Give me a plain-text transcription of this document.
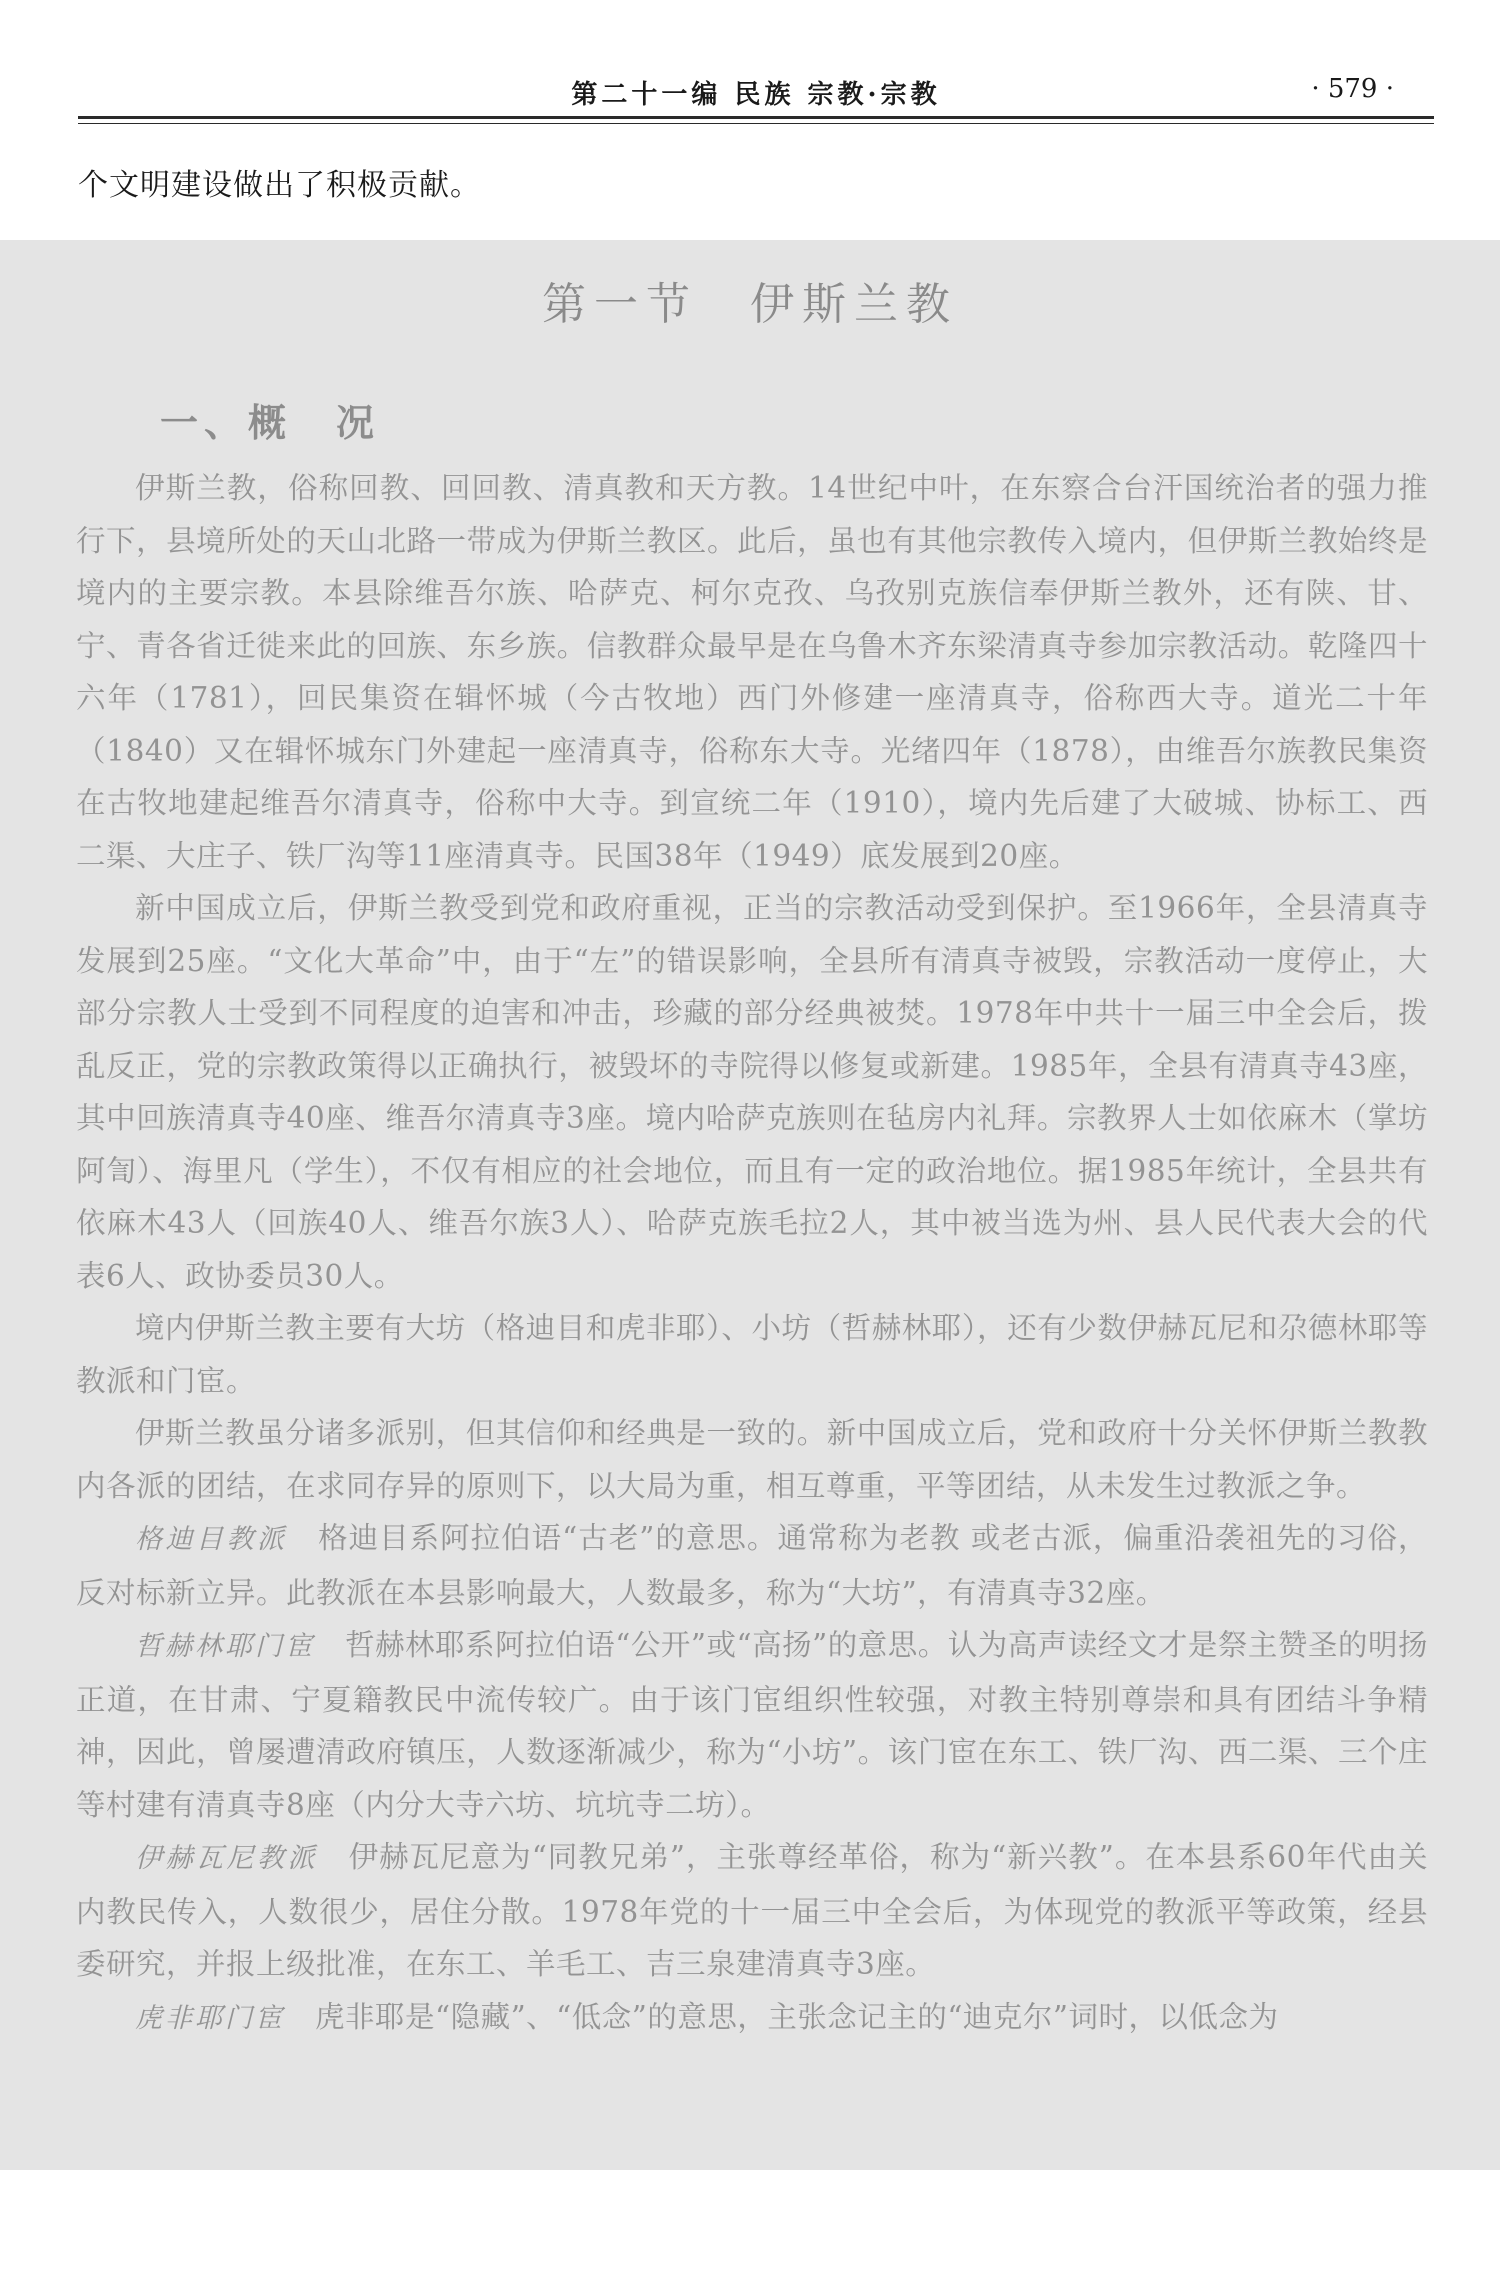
第二十一编 民族 宗教·宗教	· 579 ·
个文明建设做出了积极贡献。
第一节　伊斯兰教
一、概　况

伊斯兰教，俗称回教、回回教、清真教和天方教。14世纪中叶，在东察合台汗国统治者的强力推行下，县境所处的天山北路一带成为伊斯兰教区。此后，虽也有其他宗教传入境内，但伊斯兰教始终是境内的主要宗教。本县除维吾尔族、哈萨克、柯尔克孜、乌孜别克族信奉伊斯兰教外，还有陕、甘、宁、青各省迁徙来此的回族、东乡族。信教群众最早是在乌鲁木齐东梁清真寺参加宗教活动。乾隆四十六年（1781），回民集资在辑怀城（今古牧地）西门外修建一座清真寺，俗称西大寺。道光二十年（1840）又在辑怀城东门外建起一座清真寺，俗称东大寺。光绪四年（1878），由维吾尔族教民集资在古牧地建起维吾尔清真寺，俗称中大寺。到宣统二年（1910），境内先后建了大破城、协标工、西二渠、大庄子、铁厂沟等11座清真寺。民国38年（1949）底发展到20座。

新中国成立后，伊斯兰教受到党和政府重视，正当的宗教活动受到保护。至1966年，全县清真寺发展到25座。“文化大革命”中，由于“左”的错误影响，全县所有清真寺被毁，宗教活动一度停止，大部分宗教人士受到不同程度的迫害和冲击，珍藏的部分经典被焚。1978年中共十一届三中全会后，拨乱反正，党的宗教政策得以正确执行，被毁坏的寺院得以修复或新建。1985年，全县有清真寺43座，其中回族清真寺40座、维吾尔清真寺3座。境内哈萨克族则在毡房内礼拜。宗教界人士如依麻木（掌坊阿訇）、海里凡（学生），不仅有相应的社会地位，而且有一定的政治地位。据1985年统计，全县共有依麻木43人（回族40人、维吾尔族3人）、哈萨克族毛拉2人，其中被当选为州、县人民代表大会的代表6人、政协委员30人。

境内伊斯兰教主要有大坊（格迪目和虎非耶）、小坊（哲赫林耶），还有少数伊赫瓦尼和尕德林耶等教派和门宦。

伊斯兰教虽分诸多派别，但其信仰和经典是一致的。新中国成立后，党和政府十分关怀伊斯兰教教内各派的团结，在求同存异的原则下，以大局为重，相互尊重，平等团结，从未发生过教派之争。

格迪目教派　 格迪目系阿拉伯语“古老”的意思。通常称为老教 或老古派，偏重沿袭祖先的习俗，反对标新立异。此教派在本县影响最大，人数最多，称为“大坊”，有清真寺32座。

哲赫林耶门宦　 哲赫林耶系阿拉伯语“公开”或“高扬”的意思。认为高声读经文才是祭主赞圣的明扬正道，在甘肃、宁夏籍教民中流传较广。由于该门宦组织性较强，对教主特别尊崇和具有团结斗争精神，因此，曾屡遭清政府镇压，人数逐渐减少，称为“小坊”。该门宦在东工、铁厂沟、西二渠、三个庄等村建有清真寺8座（内分大寺六坊、坑坑寺二坊）。

伊赫瓦尼教派　 伊赫瓦尼意为“同教兄弟”，主张尊经革俗，称为“新兴教”。在本县系60年代由关内教民传入，人数很少，居住分散。1978年党的十一届三中全会后，为体现党的教派平等政策，经县委研究，并报上级批准，在东工、羊毛工、吉三泉建清真寺3座。

虎非耶门宦　 虎非耶是“隐藏”、“低念”的意思，主张念记主的“迪克尔”词时，以低念为
